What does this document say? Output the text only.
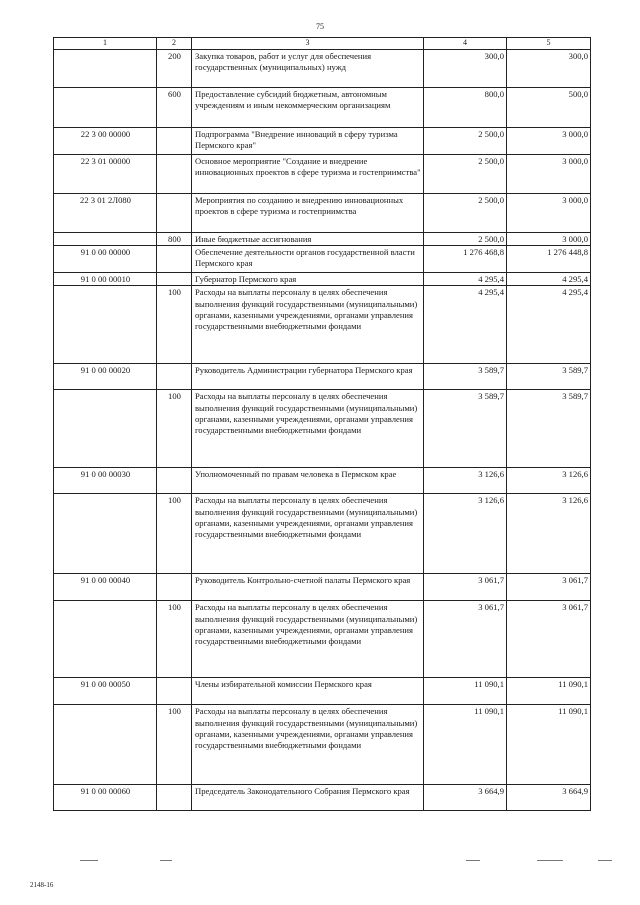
75
1	2	3	4	5
	200	Закупка товаров, работ и услуг для обеспечения государственных (муниципальных) нужд	300,0	300,0
	600	Предоставление субсидий бюджетным, автономным учреждениям и иным некоммерческим организациям	800,0	500,0
22 3 00 00000		Подпрограмма "Внедрение инноваций в сферу туризма Пермского края"	2 500,0	3 000,0
22 3 01 00000		Основное мероприятие "Создание и внедрение инновационных проектов в сфере туризма и гостеприимства"	2 500,0	3 000,0
22 3 01 2Л080		Мероприятия по созданию и внедрению инновационных проектов в сфере туризма и гостеприимства	2 500,0	3 000,0
	800	Иные бюджетные ассигнования	2 500,0	3 000,0
91 0 00 00000		Обеспечение деятельности органов государственной власти Пермского края	1 276 468,8	1 276 448,8
91 0 00 00010		Губернатор Пермского края	4 295,4	4 295,4
	100	Расходы на выплаты персоналу в целях обеспечения выполнения функций государственными (муниципальными) органами, казенными учреждениями, органами управления государственными внебюджетными фондами	4 295,4	4 295,4
91 0 00 00020		Руководитель Администрации губернатора Пермского края	3 589,7	3 589,7
	100	Расходы на выплаты персоналу в целях обеспечения выполнения функций государственными (муниципальными) органами, казенными учреждениями, органами управления государственными внебюджетными фондами	3 589,7	3 589,7
91 0 00 00030		Уполномоченный по правам человека в Пермском крае	3 126,6	3 126,6
	100	Расходы на выплаты персоналу в целях обеспечения выполнения функций государственными (муниципальными) органами, казенными учреждениями, органами управления государственными внебюджетными фондами	3 126,6	3 126,6
91 0 00 00040		Руководитель Контрольно-счетной палаты Пермского края	3 061,7	3 061,7
	100	Расходы на выплаты персоналу в целях обеспечения выполнения функций государственными (муниципальными) органами, казенными учреждениями, органами управления государственными внебюджетными фондами	3 061,7	3 061,7
91 0 00 00050		Члены избирательной комиссии Пермского края	11 090,1	11 090,1
	100	Расходы на выплаты персоналу в целях обеспечения выполнения функций государственными (муниципальными) органами, казенными учреждениями, органами управления государственными внебюджетными фондами	11 090,1	11 090,1
91 0 00 00060		Председатель Законодательного Собрания Пермского края	3 664,9	3 664,9
2148-16
